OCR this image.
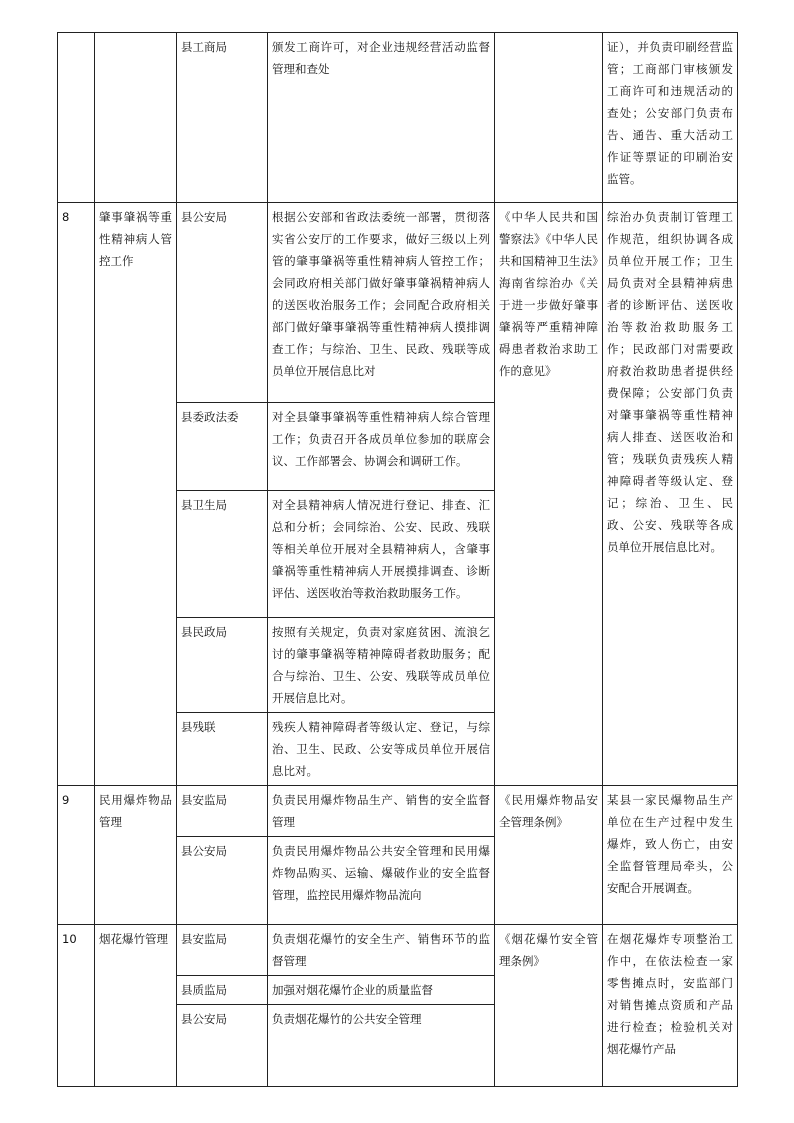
		县工商局	颁发工商许可，对企业违规经营活动监督管理和查处		证），并负责印刷经营监管；工商部门审核颁发工商许可和违规活动的查处；公安部门负责布告、通告、重大活动工作证等票证的印刷治安监管。
8	肇事肇祸等重性精神病人管控工作	县公安局	根据公安部和省政法委统一部署，贯彻落实省公安厅的工作要求，做好三级以上列管的肇事肇祸等重性精神病人管控工作；会同政府相关部门做好肇事肇祸精神病人的送医收治服务工作；会同配合政府相关部门做好肇事肇祸等重性精神病人摸排调查工作；与综治、卫生、民政、残联等成员单位开展信息比对	《中华人民共和国警察法》《中华人民共和国精神卫生法》海南省综治办《关于进一步做好肇事肇祸等严重精神障碍患者救治求助工作的意见》	综治办负责制订管理工作规范，组织协调各成员单位开展工作；卫生局负责对全县精神病患者的诊断评估、送医收治等救治救助服务工作；民政部门对需要政府救治救助患者提供经费保障；公安部门负责对肇事肇祸等重性精神病人排查、送医收治和管；残联负责残疾人精神障碍者等级认定、登记；综治、卫生、民政、公安、残联等各成员单位开展信息比对。
		县委政法委	对全县肇事肇祸等重性精神病人综合管理工作；负责召开各成员单位参加的联席会议、工作部署会、协调会和调研工作。		
		县卫生局	对全县精神病人情况进行登记、排查、汇总和分析；会同综治、公安、民政、残联等相关单位开展对全县精神病人，含肇事肇祸等重性精神病人开展摸排调查、诊断评估、送医收治等救治救助服务工作。		
		县民政局	按照有关规定，负责对家庭贫困、流浪乞讨的肇事肇祸等精神障碍者救助服务；配合与综治、卫生、公安、残联等成员单位开展信息比对。		
		县残联	残疾人精神障碍者等级认定、登记，与综治、卫生、民政、公安等成员单位开展信息比对。		
9	民用爆炸物品管理	县安监局	负责民用爆炸物品生产、销售的安全监督管理	《民用爆炸物品安全管理条例》	某县一家民爆物品生产单位在生产过程中发生爆炸，致人伤亡，由安全监督管理局牵头，公安配合开展调查。
		县公安局	负责民用爆炸物品公共安全管理和民用爆炸物品购买、运输、爆破作业的安全监督管理，监控民用爆炸物品流向		
10	烟花爆竹管理	县安监局	负责烟花爆竹的安全生产、销售环节的监督管理	《烟花爆竹安全管理条例》	在烟花爆炸专项整治工作中，在依法检查一家零售摊点时，安监部门对销售摊点资质和产品进行检查；检验机关对烟花爆竹产品
		县质监局	加强对烟花爆竹企业的质量监督		
		县公安局	负责烟花爆竹的公共安全管理		
